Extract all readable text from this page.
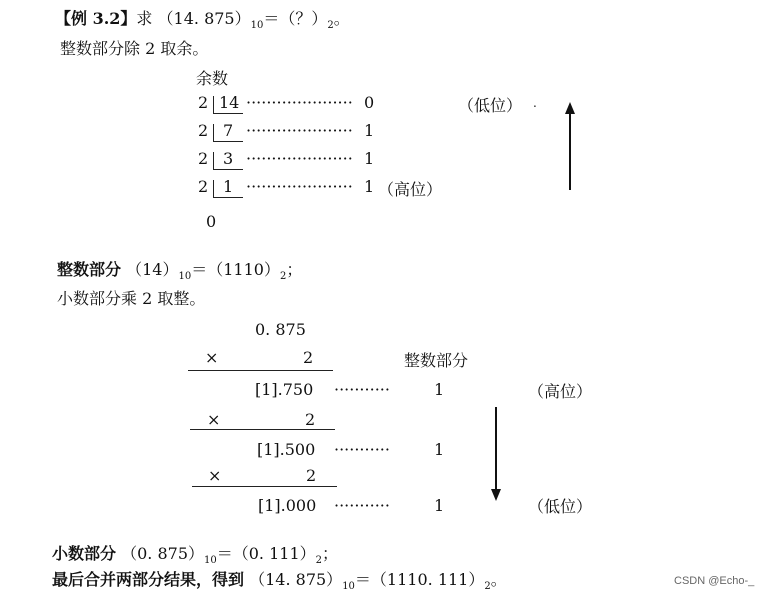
【例 3.2】求 （14. $875)_{10}=$（？）$_2$。
整数部分除 2 取余。
余数
2 14 ····················· 0
2 7 ····················· 1
2 3 ····················· 1
2 1 ····················· 1 （高位）
0
（低位） .
整数部分 $(14)_{10}=(1110)_2$；
小数部分乘 2 取整。
0. 875
×	2	整数部分
[1].750 ···········	1	（高位）
×	2
[1].500 ···········	1
×	2
[1].000 ···········	1	（低位）
小数部分 （0. $875)_{10}=(0$. $111)_2$；
最后合并两部分结果，得到 （14. $875)_{10}=(1110$. $111)_2$。	CSDN @Echo-_
